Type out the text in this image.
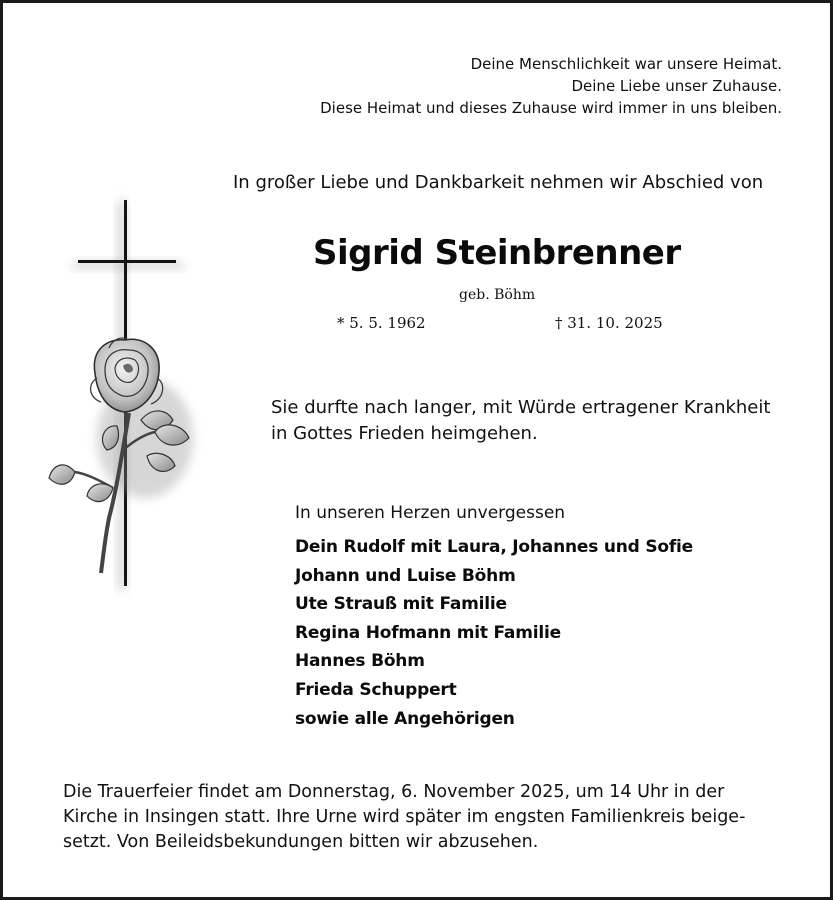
Deine Menschlichkeit war unsere Heimat.
Deine Liebe unser Zuhause.
Diese Heimat und dieses Zuhause wird immer in uns bleiben.
In großer Liebe und Dankbarkeit nehmen wir Abschied von
Sigrid Steinbrenner
geb. Böhm
* 5. 5. 1962	† 31. 10. 2025
Sie durfte nach langer, mit Würde ertragener Krankheit
in Gottes Frieden heimgehen.
In unseren Herzen unvergessen
Dein Rudolf mit Laura, Johannes und Sofie
Johann und Luise Böhm
Ute Strauß mit Familie
Regina Hofmann mit Familie
Hannes Böhm
Frieda Schuppert
sowie alle Angehörigen
Die Trauerfeier findet am Donnerstag, 6. November 2025, um 14 Uhr in der
Kirche in Insingen statt. Ihre Urne wird später im engsten Familienkreis beige-
setzt. Von Beileidsbekundungen bitten wir abzusehen.
